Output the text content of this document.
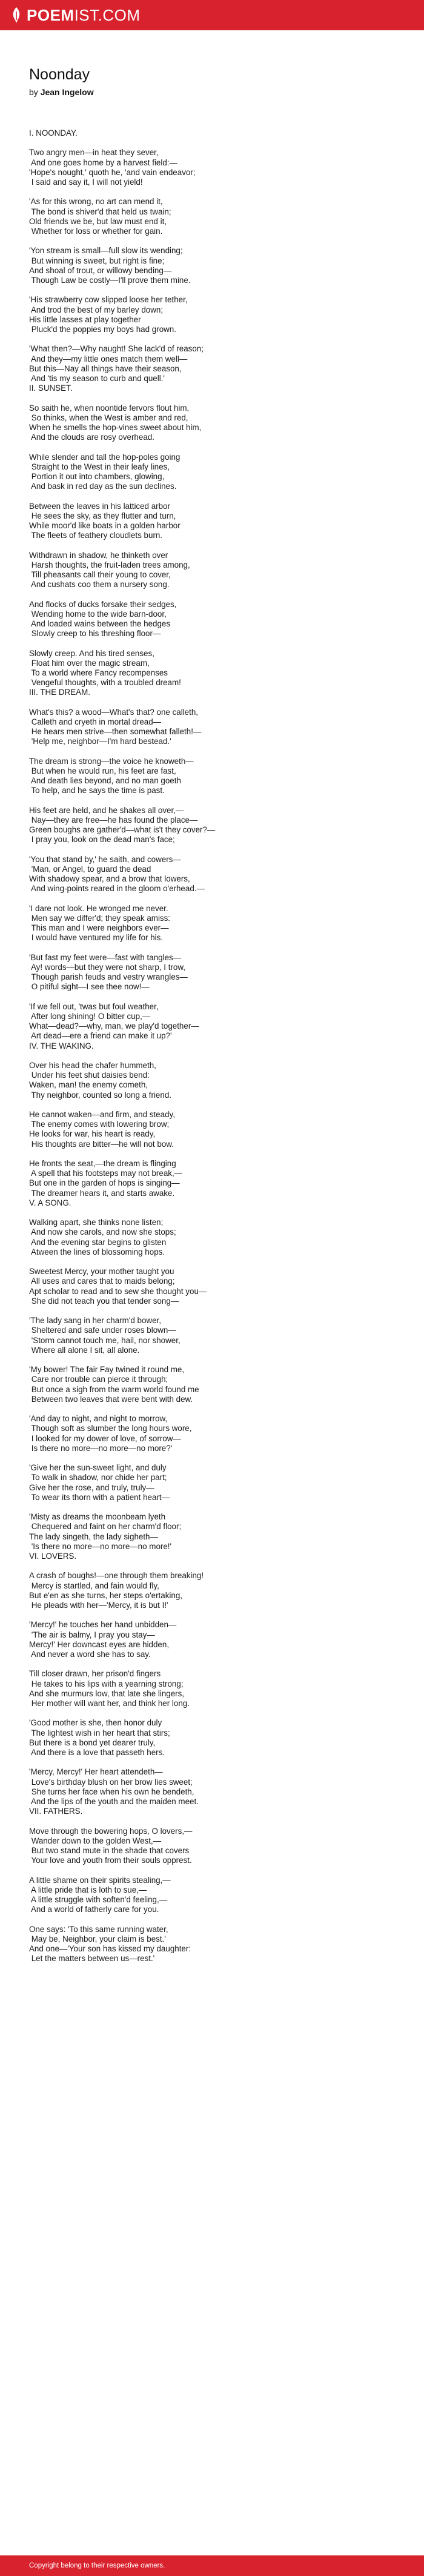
POEMIST.COM
Noonday
by Jean Ingelow
I. NOONDAY.
Two angry men—in heat they sever,
And one goes home by a harvest field:—
'Hope's nought,' quoth he, 'and vain endeavor;
I said and say it, I will not yield!
'As for this wrong, no art can mend it,
The bond is shiver'd that held us twain;
Old friends we be, but law must end it,
Whether for loss or whether for gain.
'Yon stream is small—full slow its wending;
But winning is sweet, but right is fine;
And shoal of trout, or willowy bending—
Though Law be costly—I'll prove them mine.
'His strawberry cow slipped loose her tether,
And trod the best of my barley down;
His little lasses at play together
Pluck'd the poppies my boys had grown.
'What then?—Why naught! She lack'd of reason;
And they—my little ones match them well—
But this—Nay all things have their season,
And 'tis my season to curb and quell.'
II. SUNSET.
So saith he, when noontide fervors flout him,
So thinks, when the West is amber and red,
When he smells the hop-vines sweet about him,
And the clouds are rosy overhead.
While slender and tall the hop-poles going
Straight to the West in their leafy lines,
Portion it out into chambers, glowing,
And bask in red day as the sun declines.
Between the leaves in his latticed arbor
He sees the sky, as they flutter and turn,
While moor'd like boats in a golden harbor
The fleets of feathery cloudlets burn.
Withdrawn in shadow, he thinketh over
Harsh thoughts, the fruit-laden trees among,
Till pheasants call their young to cover,
And cushats coo them a nursery song.
And flocks of ducks forsake their sedges,
Wending home to the wide barn-door,
And loaded wains between the hedges
Slowly creep to his threshing floor—
Slowly creep. And his tired senses,
Float him over the magic stream,
To a world where Fancy recompenses
Vengeful thoughts, with a troubled dream!
III. THE DREAM.
What's this? a wood—What's that? one calleth,
Calleth and cryeth in mortal dread—
He hears men strive—then somewhat falleth!—
'Help me, neighbor—I'm hard bestead.'
The dream is strong—the voice he knoweth—
But when he would run, his feet are fast,
And death lies beyond, and no man goeth
To help, and he says the time is past.
His feet are held, and he shakes all over,—
Nay—they are free—he has found the place—
Green boughs are gather'd—what is't they cover?—
I pray you, look on the dead man's face;
'You that stand by,' he saith, and cowers—
'Man, or Angel, to guard the dead
With shadowy spear, and a brow that lowers,
And wing-points reared in the gloom o'erhead.—
'I dare not look. He wronged me never.
Men say we differ'd; they speak amiss:
This man and I were neighbors ever—
I would have ventured my life for his.
'But fast my feet were—fast with tangles—
Ay! words—but they were not sharp, I trow,
Though parish feuds and vestry wrangles—
O pitiful sight—I see thee now!—
'If we fell out, 'twas but foul weather,
After long shining! O bitter cup,—
What—dead?—why, man, we play'd together—
Art dead—ere a friend can make it up?'
IV. THE WAKING.
Over his head the chafer hummeth,
Under his feet shut daisies bend:
Waken, man! the enemy cometh,
Thy neighbor, counted so long a friend.
He cannot waken—and firm, and steady,
The enemy comes with lowering brow;
He looks for war, his heart is ready,
His thoughts are bitter—he will not bow.
He fronts the seat,—the dream is flinging
A spell that his footsteps may not break,—
But one in the garden of hops is singing—
The dreamer hears it, and starts awake.
V. A SONG.
Walking apart, she thinks none listen;
And now she carols, and now she stops;
And the evening star begins to glisten
Atween the lines of blossoming hops.
Sweetest Mercy, your mother taught you
All uses and cares that to maids belong;
Apt scholar to read and to sew she thought you—
She did not teach you that tender song—
'The lady sang in her charm'd bower,
Sheltered and safe under roses blown—
'Storm cannot touch me, hail, nor shower,
Where all alone I sit, all alone.
'My bower! The fair Fay twined it round me,
Care nor trouble can pierce it through;
But once a sigh from the warm world found me
Between two leaves that were bent with dew.
'And day to night, and night to morrow,
Though soft as slumber the long hours wore,
I looked for my dower of love, of sorrow—
Is there no more—no more—no more?'
'Give her the sun-sweet light, and duly
To walk in shadow, nor chide her part;
Give her the rose, and truly, truly—
To wear its thorn with a patient heart—
'Misty as dreams the moonbeam lyeth
Chequered and faint on her charm'd floor;
The lady singeth, the lady sigheth—
'Is there no more—no more—no more!'
VI. LOVERS.
A crash of boughs!—one through them breaking!
Mercy is startled, and fain would fly,
But e'en as she turns, her steps o'ertaking,
He pleads with her—'Mercy, it is but I!'
'Mercy!' he touches her hand unbidden—
'The air is balmy, I pray you stay—
Mercy!' Her downcast eyes are hidden,
And never a word she has to say.
Till closer drawn, her prison'd fingers
He takes to his lips with a yearning strong;
And she murmurs low, that late she lingers,
Her mother will want her, and think her long.
'Good mother is she, then honor duly
The lightest wish in her heart that stirs;
But there is a bond yet dearer truly,
And there is a love that passeth hers.
'Mercy, Mercy!' Her heart attendeth—
Love's birthday blush on her brow lies sweet;
She turns her face when his own he bendeth,
And the lips of the youth and the maiden meet.
VII. FATHERS.
Move through the bowering hops, O lovers,—
Wander down to the golden West,—
But two stand mute in the shade that covers
Your love and youth from their souls opprest.
A little shame on their spirits stealing,—
A little pride that is loth to sue,—
A little struggle with soften'd feeling,—
And a world of fatherly care for you.
One says: 'To this same running water,
May be, Neighbor, your claim is best.'
And one—'Your son has kissed my daughter:
Let the matters between us—rest.'
Copyright belong to their respective owners.
